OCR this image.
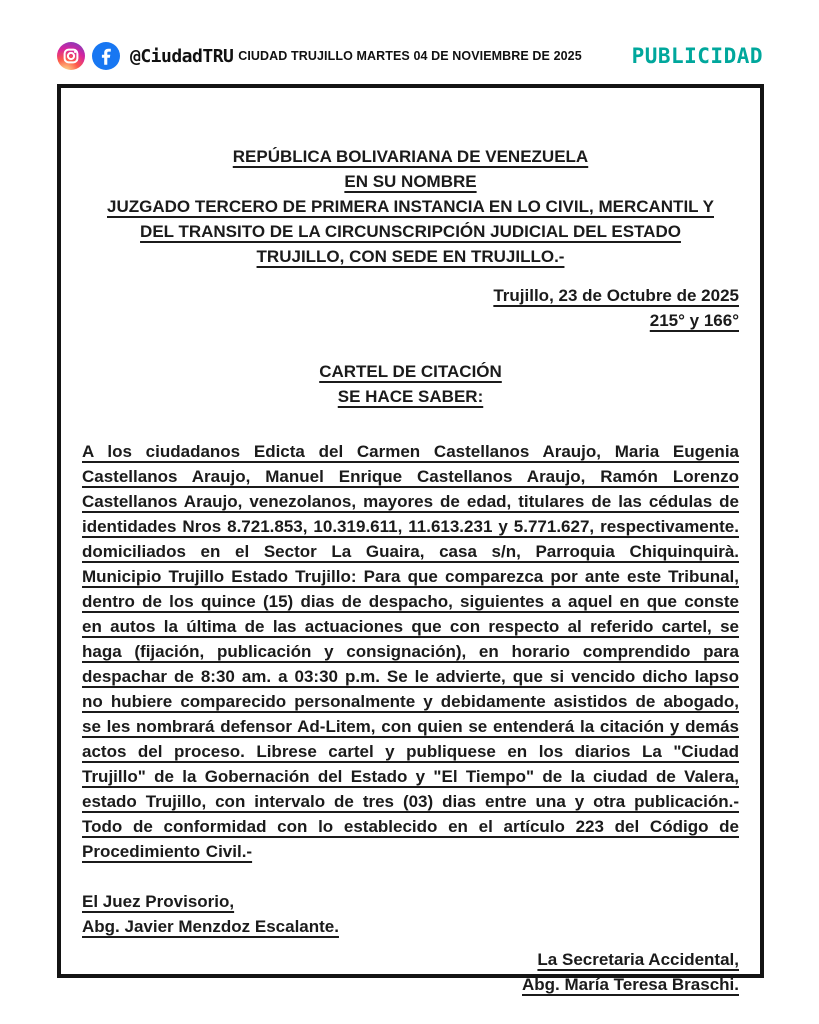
@CiudadTRU CIUDAD TRUJILLO MARTES 04 DE NOVIEMBRE DE 2025 PUBLICIDAD
REPÚBLICA BOLIVARIANA DE VENEZUELA
EN SU NOMBRE
JUZGADO TERCERO DE PRIMERA INSTANCIA EN LO CIVIL, MERCANTIL Y
DEL TRANSITO DE LA CIRCUNSCRIPCIÓN JUDICIAL DEL ESTADO
TRUJILLO, CON SEDE EN TRUJILLO.-
Trujillo, 23 de Octubre de 2025
215° y 166°
CARTEL DE CITACIÓN
SE HACE SABER:

A los ciudadanos Edicta del Carmen Castellanos Araujo, Maria Eugenia Castellanos Araujo, Manuel Enrique Castellanos Araujo, Ramón Lorenzo Castellanos Araujo, venezolanos, mayores de edad, titulares de las cédulas de identidades Nros 8.721.853, 10.319.611, 11.613.231 y 5.771.627, respectivamente. domiciliados en el Sector La Guaira, casa s/n, Parroquia Chiquinquirà. Municipio Trujillo Estado Trujillo: Para que comparezca por ante este Tribunal, dentro de los quince (15) dias de despacho, siguientes a aquel en que conste en autos la última de las actuaciones que con respecto al referido cartel, se haga (fijación, publicación y consignación), en horario comprendido para despachar de 8:30 am. a 03:30 p.m. Se le advierte, que si vencido dicho lapso no hubiere comparecido personalmente y debidamente asistidos de abogado, se les nombrará defensor Ad-Litem, con quien se entenderá la citación y demás actos del proceso. Librese cartel y publiquese en los diarios La "Ciudad Trujillo" de la Gobernación del Estado y "El Tiempo" de la ciudad de Valera, estado Trujillo, con intervalo de tres (03) dias entre una y otra publicación.- Todo de conformidad con lo establecido en el artículo 223 del Código de Procedimiento Civil.-

El Juez Provisorio,
Abg. Javier Menzdoz Escalante.
La Secretaria Accidental,
Abg. María Teresa Braschi.
